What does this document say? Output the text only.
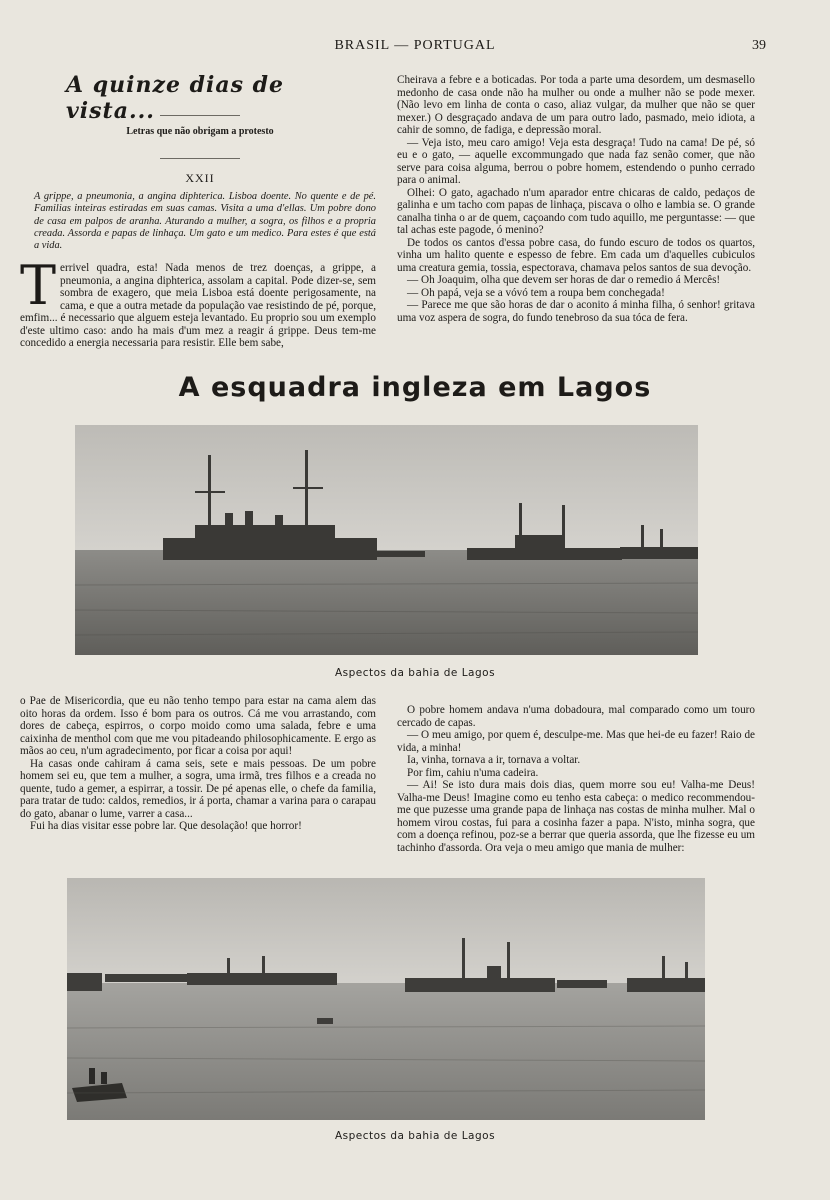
BRASIL — PORTUGAL	39
A quinze dias de vista...
Letras que não obrigam a protesto
XXII
A grippe, a pneumonia, a angina diphterica. Lisboa doente. No quente e de pé. Familias inteiras estiradas em suas camas. Visita a uma d'ellas. Um pobre dono de casa em palpos de aranha. Aturando a mulher, a sogra, os filhos e a propria creada. Assorda e papas de linhaça. Um gato e um medico. Para estes é que está a vida.

Terrivel quadra, esta! Nada menos de trez doenças, a grippe, a pneumonia, a angina diphterica, assolam a capital. Pode dizer-se, sem sombra de exagero, que meia Lisboa está doente perigosamente, na cama, e que a outra metade da população vae resistindo de pé, porque, emfim... é necessario que alguem esteja levantado. Eu proprio sou um exemplo d'este ultimo caso: ando ha mais d'um mez a reagir á grippe. Deus tem-me concedido a energia necessaria para resistir. Elle bem sabe,

Cheirava a febre e a boticadas. Por toda a parte uma desordem, um desmasello medonho de casa onde não ha mulher ou onde a mulher não se pode mexer. (Não levo em linha de conta o caso, aliaz vulgar, da mulher que não se quer mexer.) O desgraçado andava de um para outro lado, pasmado, meio idiota, a cahir de somno, de fadiga, e depressão moral.

— Veja isto, meu caro amigo! Veja esta desgraça! Tudo na cama! De pé, só eu e o gato, — aquelle excommungado que nada faz senão comer, que não serve para coisa alguma, berrou o pobre homem, estendendo o punho cerrado para o animal.

Olhei: O gato, agachado n'um aparador entre chicaras de caldo, pedaços de galinha e um tacho com papas de linhaça, piscava o olho e lambia se. O grande canalha tinha o ar de quem, caçoando com tudo aquillo, me perguntasse: — que tal achas este pagode, ó menino?

De todos os cantos d'essa pobre casa, do fundo escuro de todos os quartos, vinha um halito quente e espesso de febre. Em cada um d'aquelles cubiculos uma creatura gemia, tossia, espectorava, chamava pelos santos de sua devoção.

— Oh Joaquim, olha que devem ser horas de dar o remedio á Mercês!

— Oh papá, veja se a vóvó tem a roupa bem conchegada!

— Parece me que são horas de dar o aconito á minha filha, ó senhor! gritava uma voz aspera de sogra, do fundo tenebroso da sua tóca de fera.

A esquadra ingleza em Lagos
Aspectos da bahia de Lagos

o Pae de Misericordia, que eu não tenho tempo para estar na cama alem das oito horas da ordem. Isso é bom para os outros. Cá me vou arrastando, com dores de cabeça, espirros, o corpo moido como uma salada, febre e uma caixinha de menthol com que me vou pitadeando philosophicamente. E ergo as mãos ao ceu, n'um agradecimento, por ficar a coisa por aqui!

Ha casas onde cahiram á cama seis, sete e mais pessoas. De um pobre homem sei eu, que tem a mulher, a sogra, uma irmã, tres filhos e a creada no quente, tudo a gemer, a espirrar, a tossir. De pé apenas elle, o chefe da familia, para tratar de tudo: caldos, remedios, ir á porta, chamar a varina para o carapau do gato, abanar o lume, varrer a casa...

Fui ha dias visitar esse pobre lar. Que desolação! que horror!

O pobre homem andava n'uma dobadoura, mal comparado como um touro cercado de capas.

— O meu amigo, por quem é, desculpe-me. Mas que hei-de eu fazer! Raio de vida, a minha!

Ia, vinha, tornava a ir, tornava a voltar.

Por fim, cahiu n'uma cadeira.

— Ai! Se isto dura mais dois dias, quem morre sou eu! Valha-me Deus! Valha-me Deus! Imagine como eu tenho esta cabeça: o medico recommendou-me que puzesse uma grande papa de linhaça nas costas de minha mulher. Mal o homem virou costas, fui para a cosinha fazer a papa. N'isto, minha sogra, que com a doença refinou, poz-se a berrar que queria assorda, que lhe fizesse eu um tachinho d'assorda. Ora veja o meu amigo que mania de mulher:

Aspectos da bahia de Lagos
